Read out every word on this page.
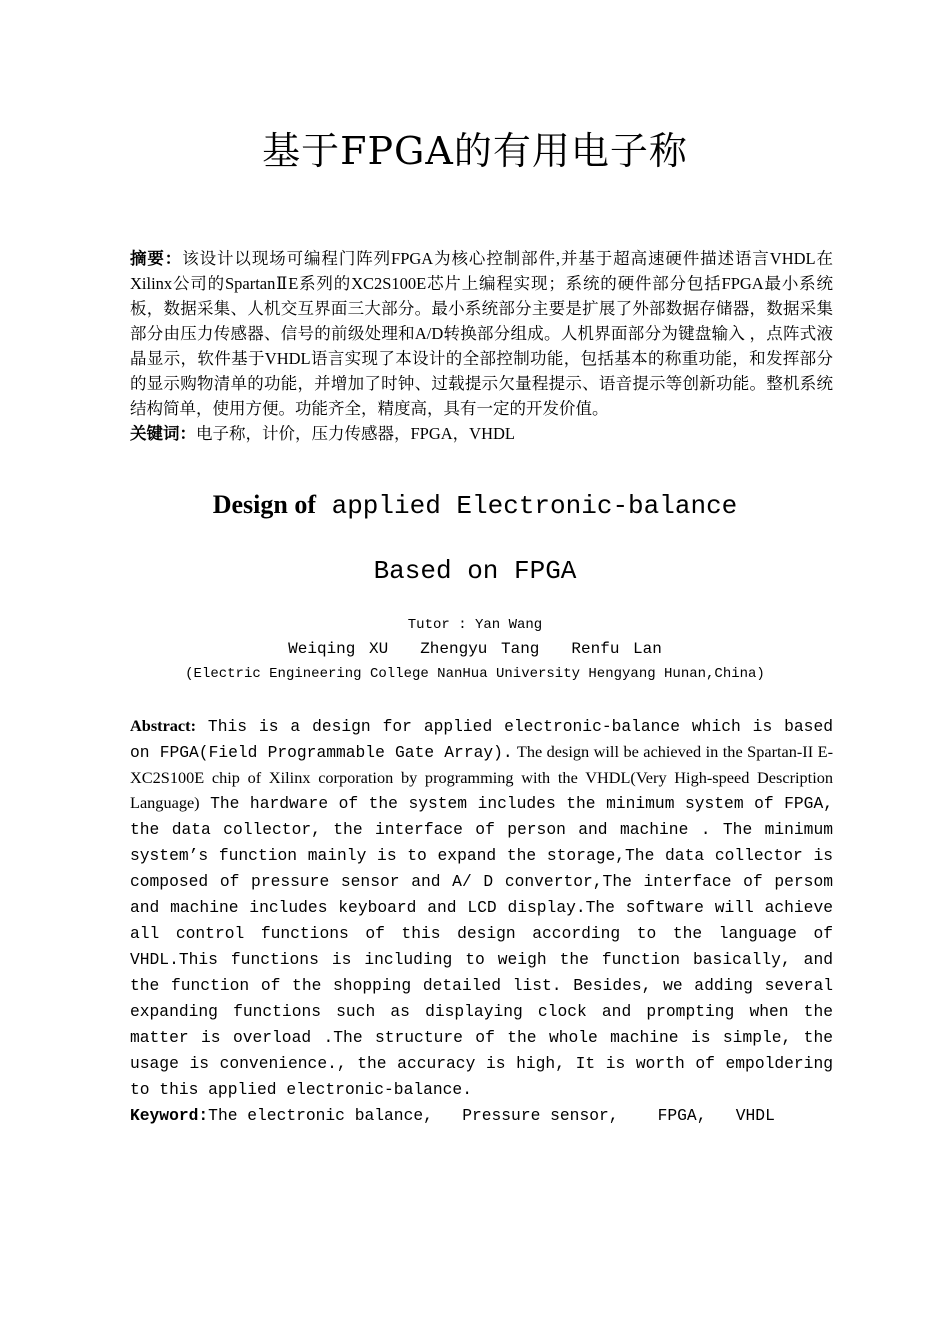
基于FPGA的有用电子称

摘要：该设计以现场可编程门阵列FPGA为核心控制部件,并基于超高速硬件描述语言VHDL在Xilinx公司的SpartanⅡE系列的XC2S100E芯片上编程实现；系统的硬件部分包括FPGA最小系统板，数据采集、人机交互界面三大部分。最小系统部分主要是扩展了外部数据存储器，数据采集部分由压力传感器、信号的前级处理和A/D转换部分组成。人机界面部分为键盘输入 ，点阵式液晶显示，软件基于VHDL语言实现了本设计的全部控制功能，包括基本的称重功能，和发挥部分的显示购物清单的功能，并增加了时钟、过载提示欠量程提示、语音提示等创新功能。整机系统结构简单，使用方便。功能齐全，精度高，具有一定的开发价值。

关键词：电子称，计价，压力传感器，FPGA，VHDL

Design of applied Electronic-balance
Based on FPGA
Tutor : Yan Wang
Weiqing XU Zhengyu Tang Renfu Lan
(Electric Engineering College NanHua University Hengyang Hunan,China)

Abstract: This is a design for applied electronic-balance which is based on FPGA(Field Programmable Gate Array). The design will be achieved in the Spartan-II E-XC2S100E chip of Xilinx corporation by programming with the VHDL(Very High-speed Description Language) The hardware of the system includes the minimum system of FPGA, the data collector, the interface of person and machine . The minimum system’s function mainly is to expand the storage,The data collector is composed of pressure sensor and A/ D convertor,The interface of persom and machine includes keyboard and LCD display.The software will achieve all control functions of this design according to the language of VHDL.This functions is including to weigh the function basically, and the function of the shopping detailed list. Besides, we adding several expanding functions such as displaying clock and prompting when the matter is overload .The structure of the whole machine is simple, the usage is convenience., the accuracy is high, It is worth of empoldering to this applied electronic-balance.

Keyword:The electronic balance,   Pressure sensor,    FPGA,   VHDL
